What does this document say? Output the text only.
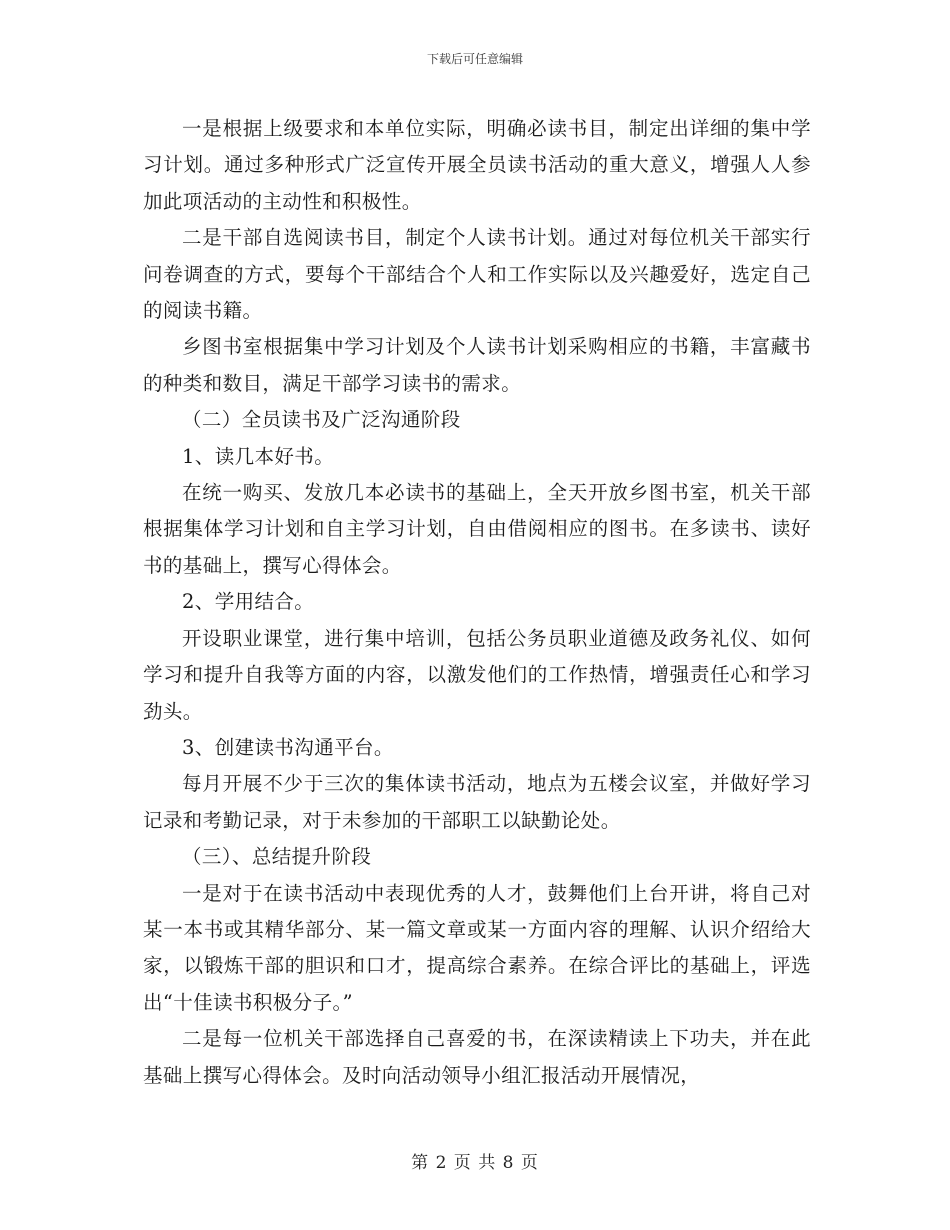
下载后可任意编辑

一是根据上级要求和本单位实际，明确必读书目，制定出详细的集中学习计划。通过多种形式广泛宣传开展全员读书活动的重大意义，增强人人参加此项活动的主动性和积极性。

二是干部自选阅读书目，制定个人读书计划。通过对每位机关干部实行问卷调查的方式，要每个干部结合个人和工作实际以及兴趣爱好，选定自己的阅读书籍。

乡图书室根据集中学习计划及个人读书计划采购相应的书籍，丰富藏书的种类和数目，满足干部学习读书的需求。

（二）全员读书及广泛沟通阶段

1、读几本好书。

在统一购买、发放几本必读书的基础上，全天开放乡图书室，机关干部根据集体学习计划和自主学习计划，自由借阅相应的图书。在多读书、读好书的基础上，撰写心得体会。

2、学用结合。

开设职业课堂，进行集中培训，包括公务员职业道德及政务礼仪、如何学习和提升自我等方面的内容，以激发他们的工作热情，增强责任心和学习劲头。

3、创建读书沟通平台。

每月开展不少于三次的集体读书活动，地点为五楼会议室，并做好学习记录和考勤记录，对于未参加的干部职工以缺勤论处。

（三）、总结提升阶段

一是对于在读书活动中表现优秀的人才，鼓舞他们上台开讲，将自己对某一本书或其精华部分、某一篇文章或某一方面内容的理解、认识介绍给大家，以锻炼干部的胆识和口才，提高综合素养。在综合评比的基础上，评选出“十佳读书积极分子。”

二是每一位机关干部选择自己喜爱的书，在深读精读上下功夫，并在此基础上撰写心得体会。及时向活动领导小组汇报活动开展情况，

第 2 页 共 8 页
